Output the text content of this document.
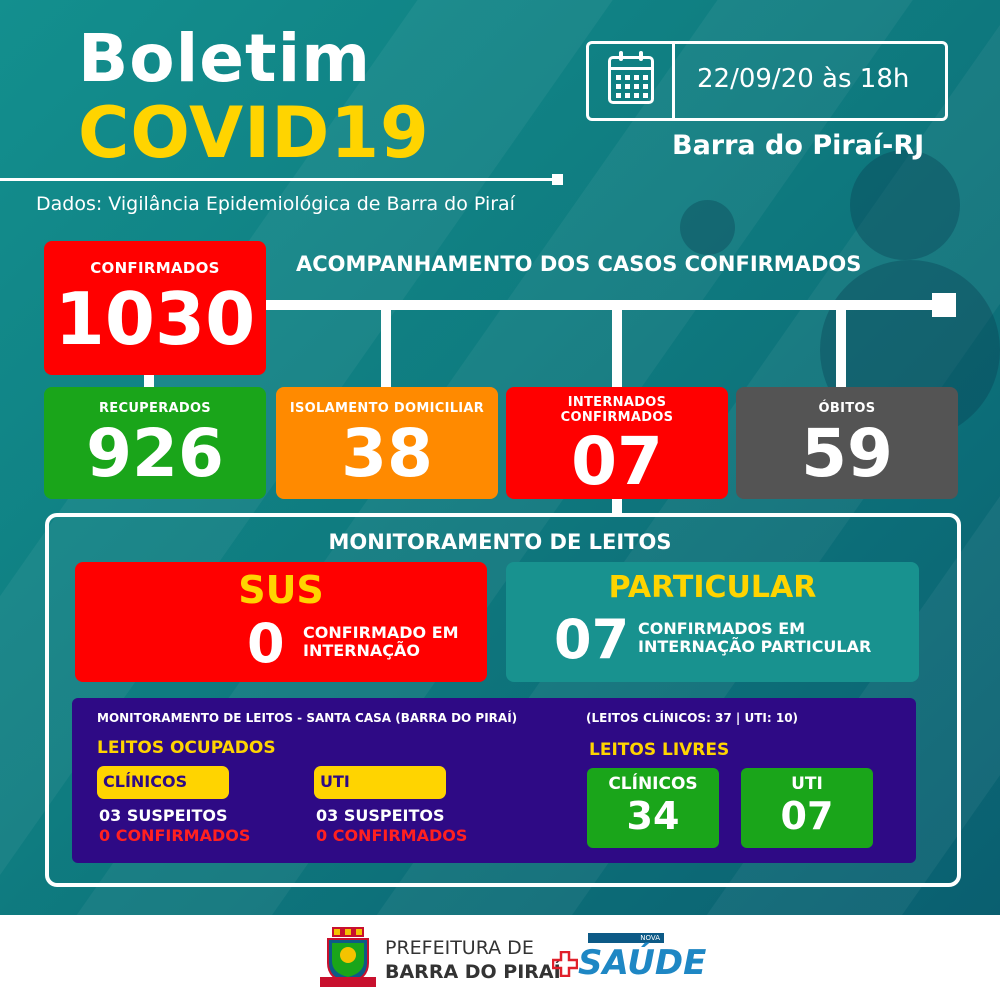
Boletim
COVID19
Dados: Vigilância Epidemiológica de Barra do Piraí
22/09/20 às 18h
Barra do Piraí-RJ
CONFIRMADOS
1030
ACOMPANHAMENTO DOS CASOS CONFIRMADOS
RECUPERADOS
926
ISOLAMENTO DOMICILIAR
38
INTERNADOS
CONFIRMADOS
07
ÓBITOS
59
MONITORAMENTO DE LEITOS
SUS
0 CONFIRMADO EM
INTERNAÇÃO
PARTICULAR
07 CONFIRMADOS EM
INTERNAÇÃO PARTICULAR
MONITORAMENTO DE LEITOS - SANTA CASA (BARRA DO PIRAÍ)	(LEITOS CLÍNICOS: 37 | UTI: 10)
LEITOS OCUPADOS
CLÍNICOS
03 SUSPEITOS
0 CONFIRMADOS
UTI
03 SUSPEITOS
0 CONFIRMADOS
LEITOS LIVRES
CLÍNICOS
34
UTI
07
PREFEITURA DE
BARRA DO PIRAÍ
NOVA
SAÚDE
